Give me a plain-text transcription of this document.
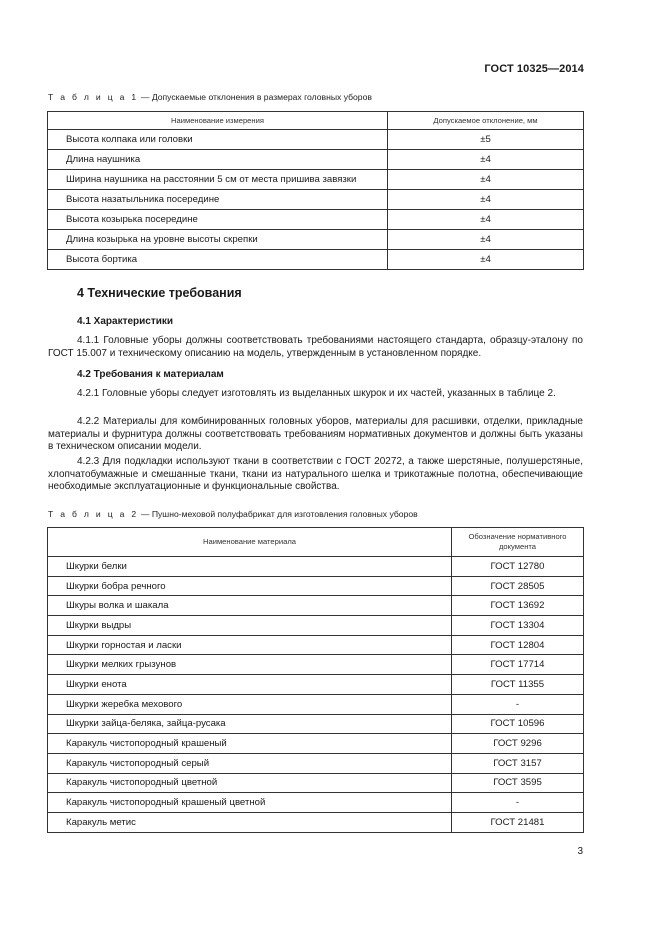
ГОСТ 10325—2014
Т а б л и ц а 1 — Допускаемые отклонения в размерах головных уборов
Наименование измерения	Допускаемое отклонение, мм
Высота колпака или головки	±5
Длина наушника	±4
Ширина наушника на расстоянии 5 см от места пришива завязки	±4
Высота назатыльника посередине	±4
Высота козырька посередине	±4
Длина козырька на уровне высоты скрепки	±4
Высота бортика	±4
4 Технические требования
4.1 Характеристики

4.1.1 Головные уборы должны соответствовать требованиями настоящего стандарта, образцу-эталону по ГОСТ 15.007 и техническому описанию на модель, утвержденным в установленном порядке.

4.2 Требования к материалам

4.2.1 Головные уборы следует изготовлять из выделанных шкурок и их частей, указанных в таблице 2.

4.2.2 Материалы для комбинированных головных уборов, материалы для расшивки, отделки, прикладные материалы и фурнитура должны соответствовать требованиям нормативных документов и должны быть указаны в техническом описании модели.

4.2.3 Для подкладки используют ткани в соответствии с ГОСТ 20272, а также шерстяные, полушерстяные, хлопчатобумажные и смешанные ткани, ткани из натурального шелка и трикотажные полотна, обеспечивающие необходимые эксплуатационные и функциональные свойства.

Т а б л и ц а 2 — Пушно-меховой полуфабрикат для изготовления головных уборов
Наименование материала	Обозначение нормативного документа
Шкурки белки	ГОСТ 12780
Шкурки бобра речного	ГОСТ 28505
Шкуры волка и шакала	ГОСТ 13692
Шкурки выдры	ГОСТ 13304
Шкурки горностая и ласки	ГОСТ 12804
Шкурки мелких грызунов	ГОСТ 17714
Шкурки енота	ГОСТ 11355
Шкурки жеребка мехового	-
Шкурки зайца-беляка, зайца-русака	ГОСТ 10596
Каракуль чистопородный крашеный	ГОСТ 9296
Каракуль чистопородный серый	ГОСТ 3157
Каракуль чистопородный цветной	ГОСТ 3595
Каракуль чистопородный крашеный цветной	-
Каракуль метис	ГОСТ 21481
3
